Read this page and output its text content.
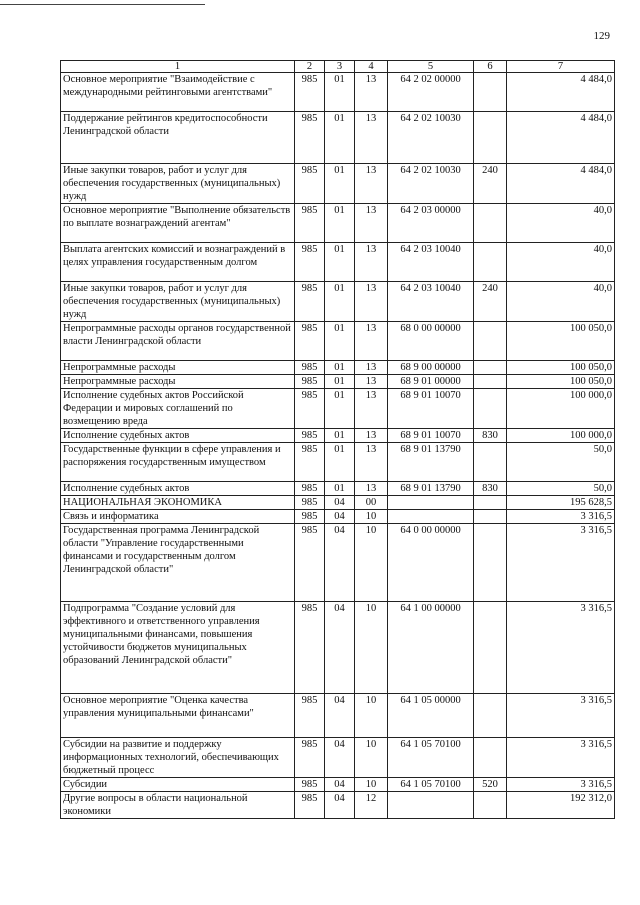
129
1	2	3	4	5	6	7
Основное мероприятие "Взаимодействие с международными рейтинговыми агентствами"	985	01	13	64 2 02 00000		4 484,0
Поддержание рейтингов кредитоспособности Ленинградской области	985	01	13	64 2 02 10030		4 484,0
Иные закупки товаров, работ и услуг для обеспечения государственных (муниципальных) нужд	985	01	13	64 2 02 10030	240	4 484,0
Основное мероприятие "Выполнение обязательств по выплате вознаграждений агентам"	985	01	13	64 2 03 00000		40,0
Выплата агентских комиссий и вознаграждений в целях управления государственным долгом	985	01	13	64 2 03 10040		40,0
Иные закупки товаров, работ и услуг для обеспечения государственных (муниципальных) нужд	985	01	13	64 2 03 10040	240	40,0
Непрограммные расходы органов государственной власти Ленинградской области	985	01	13	68 0 00 00000		100 050,0
Непрограммные расходы	985	01	13	68 9 00 00000		100 050,0
Непрограммные расходы	985	01	13	68 9 01 00000		100 050,0
Исполнение судебных актов Российской Федерации и мировых соглашений по возмещению вреда	985	01	13	68 9 01 10070		100 000,0
Исполнение судебных актов	985	01	13	68 9 01 10070	830	100 000,0
Государственные функции в сфере управления и распоряжения государственным имуществом	985	01	13	68 9 01 13790		50,0
Исполнение судебных актов	985	01	13	68 9 01 13790	830	50,0
НАЦИОНАЛЬНАЯ ЭКОНОМИКА	985	04	00			195 628,5
Связь и информатика	985	04	10			3 316,5
Государственная программа Ленинградской области "Управление государственными финансами и государственным долгом Ленинградской области"	985	04	10	64 0 00 00000		3 316,5
Подпрограмма "Создание условий для эффективного и ответственного управления муниципальными финансами, повышения устойчивости бюджетов муниципальных образований Ленинградской области"	985	04	10	64 1 00 00000		3 316,5
Основное мероприятие "Оценка качества управления муниципальными финансами"	985	04	10	64 1 05 00000		3 316,5
Субсидии на развитие и поддержку информационных технологий, обеспечивающих бюджетный процесс	985	04	10	64 1 05 70100		3 316,5
Субсидии	985	04	10	64 1 05 70100	520	3 316,5
Другие вопросы в области национальной экономики	985	04	12			192 312,0
